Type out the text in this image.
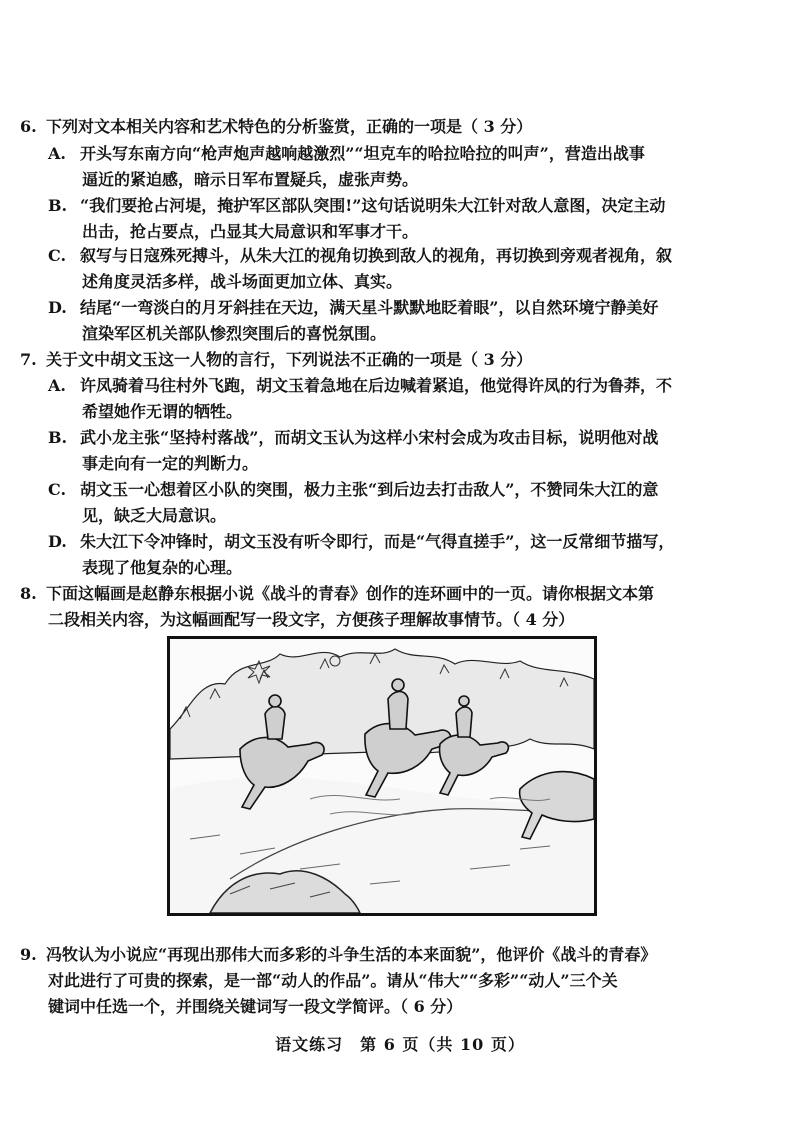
6. 下列对文本相关内容和艺术特色的分析鉴赏，正确的一项是（ 3 分）
A. 开头写东南方向“枪声炮声越响越激烈”“坦克车的哈拉哈拉的叫声”，营造出战事
逼近的紧迫感，暗示日军布置疑兵，虚张声势。
B. “我们要抢占河堤，掩护军区部队突围!”这句话说明朱大江针对敌人意图，决定主动
出击，抢占要点，凸显其大局意识和军事才干。
C. 叙写与日寇殊死搏斗，从朱大江的视角切换到敌人的视角，再切换到旁观者视角，叙
述角度灵活多样，战斗场面更加立体、真实。
D. 结尾“一弯淡白的月牙斜挂在天边，满天星斗默默地眨着眼”，以自然环境宁静美好
渲染军区机关部队惨烈突围后的喜悦氛围。
7. 关于文中胡文玉这一人物的言行，下列说法不正确的一项是（ 3 分）
A. 许凤骑着马往村外飞跑，胡文玉着急地在后边喊着紧追，他觉得许凤的行为鲁莽，不
希望她作无谓的牺牲。
B. 武小龙主张“坚持村落战”，而胡文玉认为这样小宋村会成为攻击目标，说明他对战
事走向有一定的判断力。
C. 胡文玉一心想着区小队的突围，极力主张“到后边去打击敌人”，不赞同朱大江的意
见，缺乏大局意识。
D. 朱大江下令冲锋时，胡文玉没有听令即行，而是“气得直搓手”，这一反常细节描写，
表现了他复杂的心理。
8. 下面这幅画是赵静东根据小说《战斗的青春》创作的连环画中的一页。请你根据文本第
二段相关内容，为这幅画配写一段文字，方便孩子理解故事情节。（ 4 分）
9. 冯牧认为小说应“再现出那伟大而多彩的斗争生活的本来面貌”，他评价《战斗的青春》
对此进行了可贵的探索，是一部“动人的作品”。请从“伟大”“多彩”“动人”三个关
键词中任选一个，并围绕关键词写一段文学简评。（ 6 分）
语文练习　第 6 页（共 10 页）
